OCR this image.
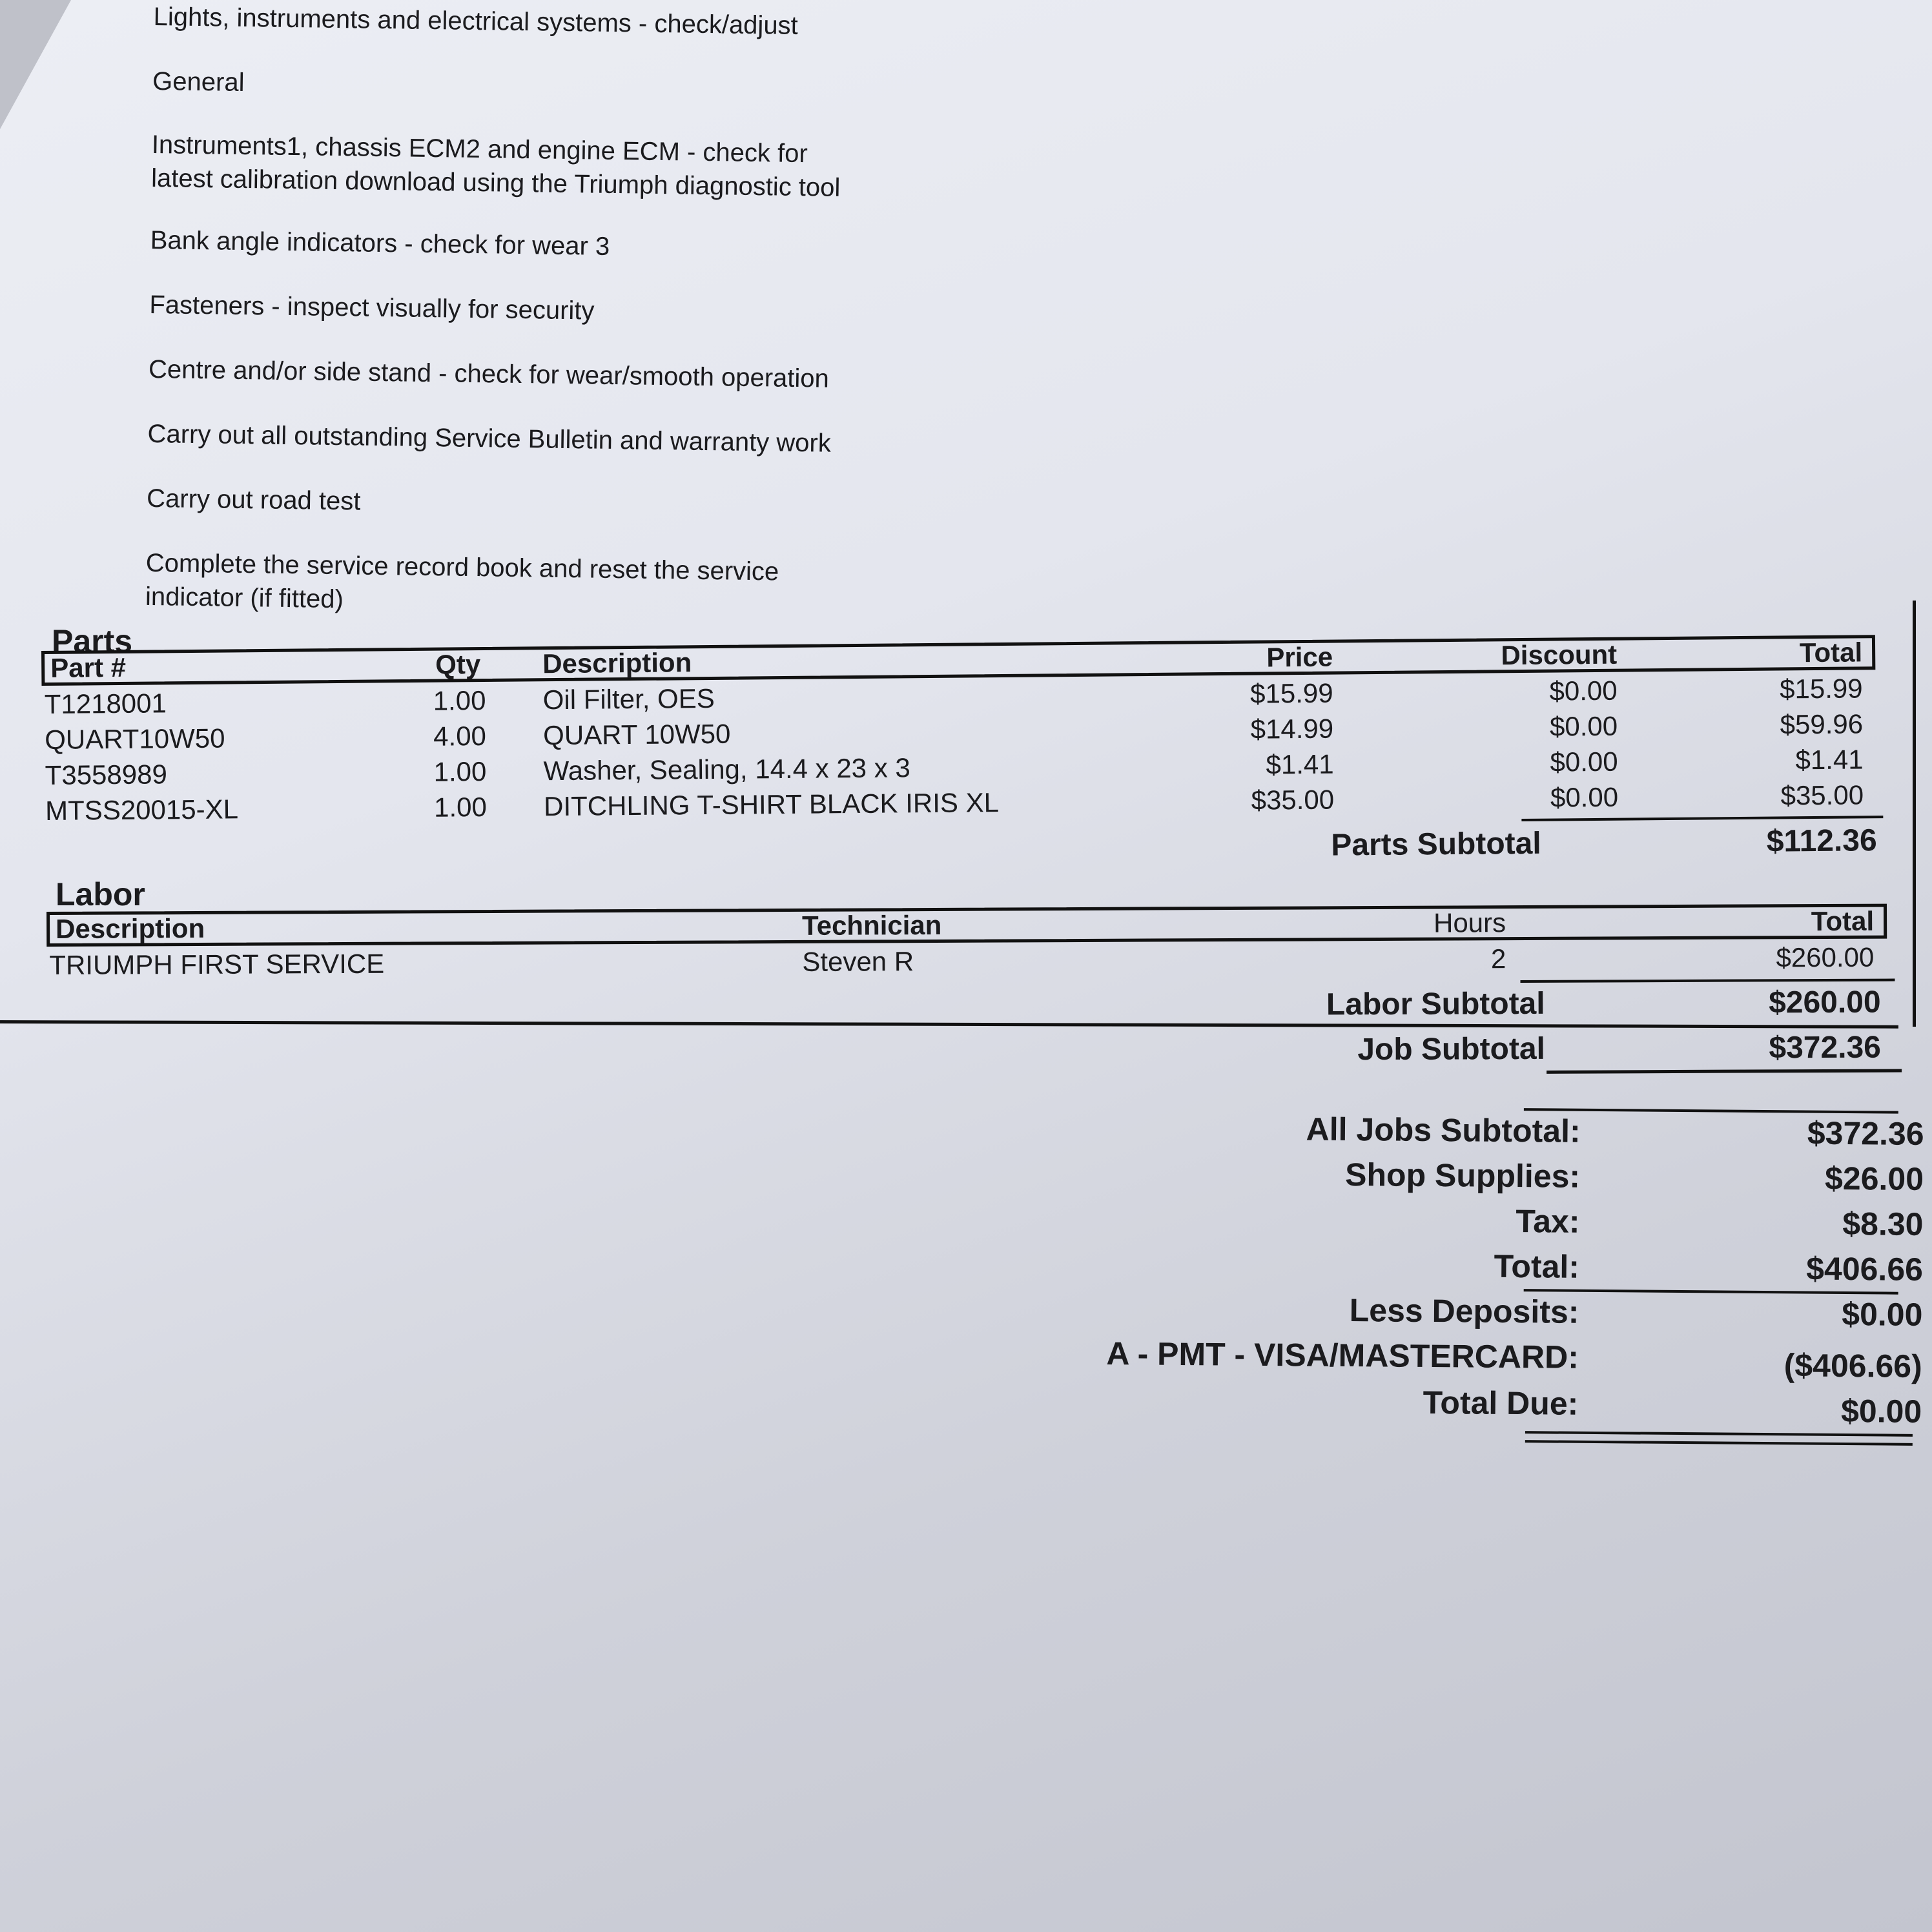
Lights, instruments and electrical systems - check/adjust
General
Instruments1, chassis ECM2 and engine ECM - check for
latest calibration download using the Triumph diagnostic tool
Bank angle indicators - check for wear 3
Fasteners - inspect visually for security
Centre and/or side stand - check for wear/smooth operation
Carry out all outstanding Service Bulletin and warranty work
Carry out road test
Complete the service record book and reset the service
indicator (if fitted)
Parts
Part #	Qty Description	Price	Discount	Total
T1218001	1.00 Oil Filter, OES	$15.99	$0.00	$15.99
QUART10W50	4.00 QUART 10W50	$14.99	$0.00	$59.96
T3558989	1.00 Washer, Sealing, 14.4 x 23 x 3	$1.41	$0.00	$1.41
MTSS20015-XL	1.00 DITCHLING T-SHIRT BLACK IRIS XL	$35.00	$0.00	$35.00
Parts Subtotal	$112.36
Labor
Description	Technician	Hours	Total
TRIUMPH FIRST SERVICE	Steven R	2	$260.00
Labor Subtotal	$260.00
Job Subtotal	$372.36
All Jobs Subtotal:	$372.36
Shop Supplies:	$26.00
Tax:	$8.30
Total:	$406.66
Less Deposits:	$0.00
A - PMT - VISA/MASTERCARD:	($406.66)
Total Due:	$0.00
